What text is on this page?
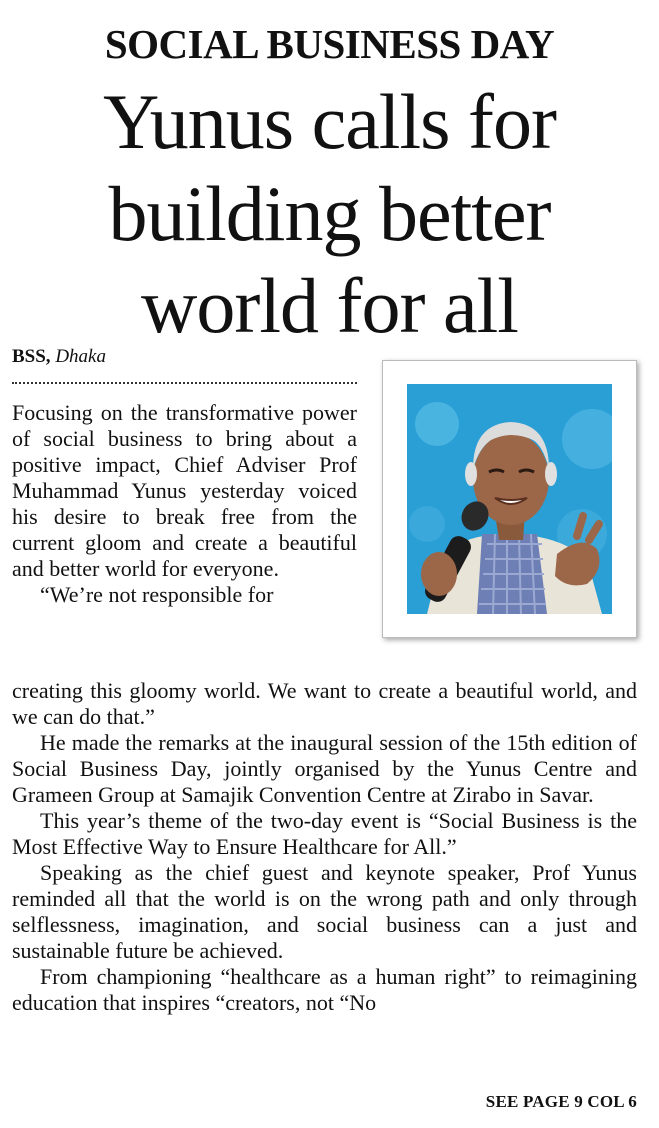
SOCIAL BUSINESS DAY
Yunus calls for
building better
world for all
BSS, Dhaka

Focusing on the transformative power of social business to bring about a positive impact, Chief Adviser Prof Muhammad Yunus yesterday voiced his desire to break free from the current gloom and create a beautiful and better world for everyone.

“We’re not responsible for

creating this gloomy world. We want to create a beautiful world, and we can do that.”

He made the remarks at the inaugural session of the 15th edition of Social Business Day, jointly organised by the Yunus Centre and Grameen Group at Samajik Convention Centre at Zirabo in Savar.

This year’s theme of the two-day event is “Social Business is the Most Effective Way to Ensure Healthcare for All.”

Speaking as the chief guest and keynote speaker, Prof Yunus reminded all that the world is on the wrong path and only through selflessness, imagination, and social business can a just and sustainable future be achieved.

From championing “healthcare as a human right” to reimagining education that inspires “creators, not “No

SEE PAGE 9 COL 6
